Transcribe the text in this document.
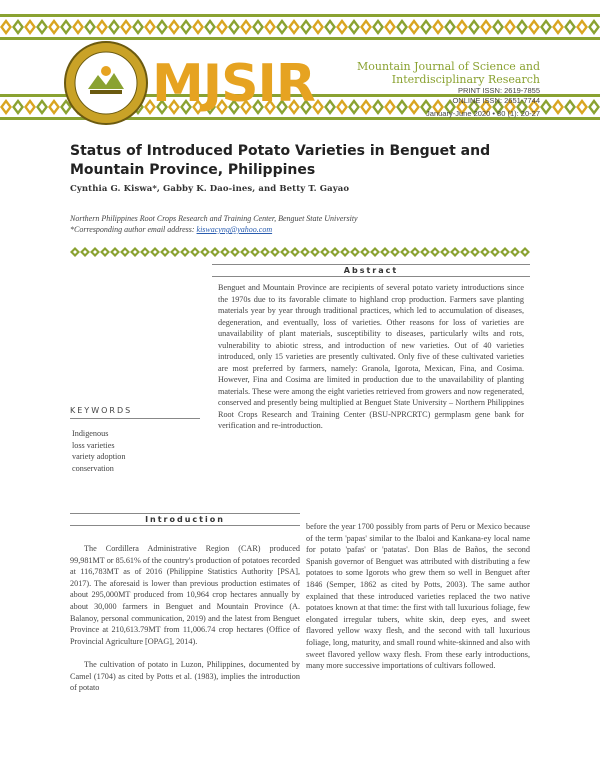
MJSIR	Mountain Journal of Science and Interdisciplinary Research
PRINT ISSN: 2619-7855
ONLINE ISSN: 2651-7744
January-June 2020 • 80 (1): 20-27
Status of Introduced Potato Varieties in Benguet and Mountain Province, Philippines
Cynthia G. Kiswa*, Gabby K. Dao-ines, and Betty T. Gayao
Northern Philippines Root Crops Research and Training Center, Benguet State University
*Corresponding author email address: kiswacyng@yahoo.com
Abstract

Benguet and Mountain Province are recipients of several potato variety introductions since the 1970s due to its favorable climate to highland crop production. Farmers save planting materials year by year through traditional practices, which led to accumulation of diseases, degeneration, and eventually, loss of varieties. Other reasons for loss of varieties are unavailability of plant materials, susceptibility to diseases, particularly wilts and rots, vulnerability to abiotic stress, and introduction of new varieties. Out of 40 varieties introduced, only 15 varieties are presently cultivated. Only five of these cultivated varieties are most preferred by farmers, namely: Granola, Igorota, Mexican, Fina, and Cosima. However, Fina and Cosima are limited in production due to the unavailability of planting materials. These were among the eight varieties retrieved from growers and now regenerated, conserved and presently being multiplied at Benguet State University – Northern Philippines Root Crops Research and Training Center (BSU-NPRCRTC) germplasm gene bank for verification and re-introduction.

KEYWORDS
Indigenous
loss varieties
variety adoption
conservation
Introduction

The Cordillera Administrative Region (CAR) produced 99,981MT or 85.61% of the country's production of potatoes recorded at 116,783MT as of 2016 (Philippine Statistics Authority [PSA], 2017). The aforesaid is lower than previous production estimates of about 295,000MT produced from 10,964 crop hectares annually by about 30,000 farmers in Benguet and Mountain Province (A. Balanoy, personal communication, 2019) and the latest from Benguet Province at 210,613.79MT from 11,006.74 crop hectares (Office of Provincial Agriculture [OPAG], 2014).

The cultivation of potato in Luzon, Philippines, documented by Camel (1704) as cited by Potts et al. (1983), implies the introduction of potato

before the year 1700 possibly from parts of Peru or Mexico because of the term 'papas' similar to the Ibaloi and Kankana-ey local name for potato 'pafas' or 'patatas'. Don Blas de Baños, the second Spanish governor of Benguet was attributed with distributing a few potatoes to some Igorots who grew them so well in Benguet after 1846 (Semper, 1862 as cited by Potts, 2003). The same author explained that these introduced varieties replaced the two native potatoes known at that time: the first with tall luxurious foliage, few elongated irregular tubers, white skin, deep eyes, and sweet flavored yellow waxy flesh, and the second with tall luxurious foliage, long, maturity, and small round white-skinned and also with sweet flavored yellow waxy flesh. From these early introductions, many more successive importations of cultivars followed.
